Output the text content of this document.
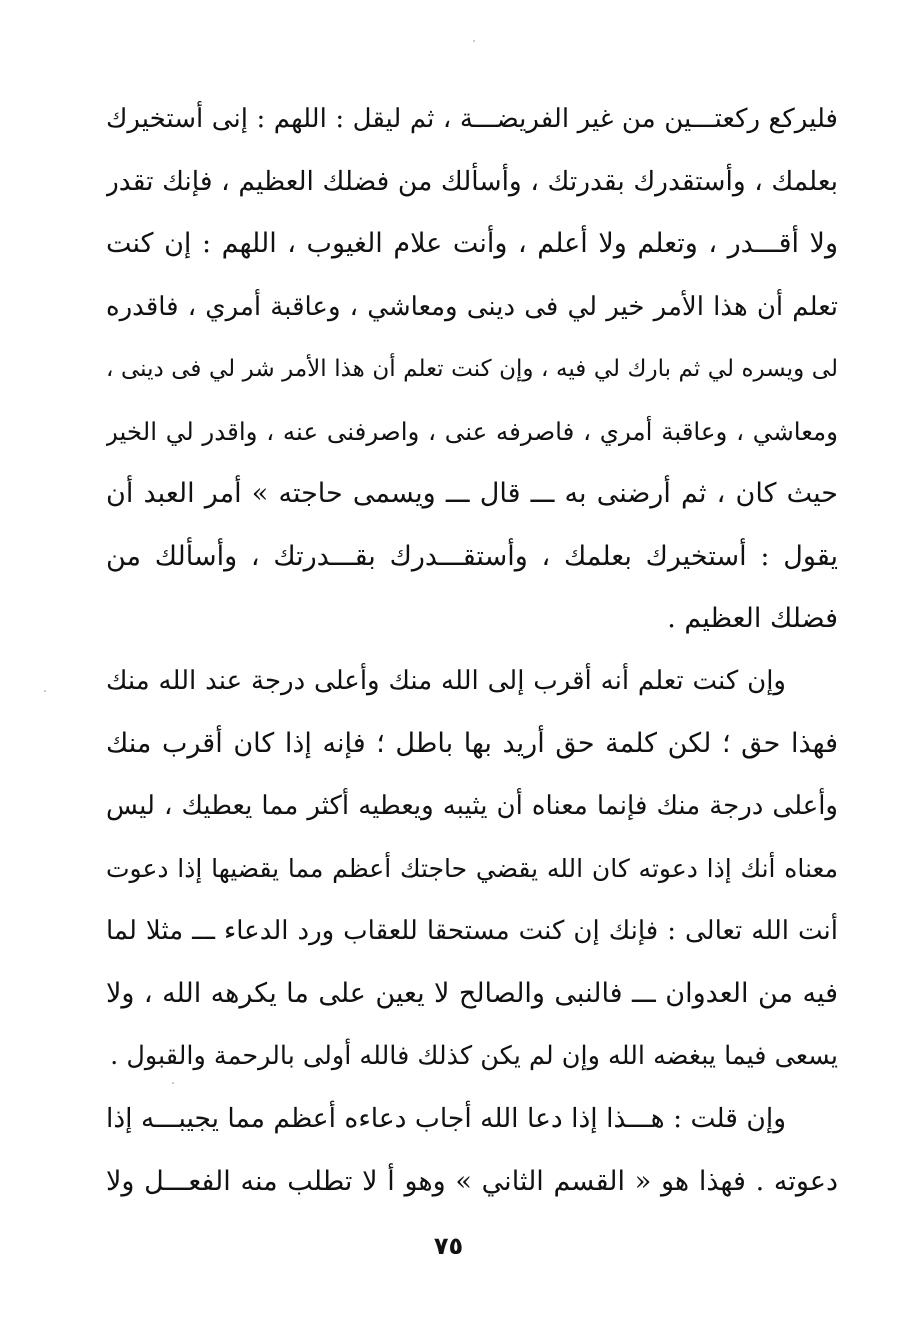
فليركع ركعتـــين من غير الفريضـــة ، ثم ليقل : اللهم : إنى أستخيرك
بعلمك ، وأستقدرك بقدرتك ، وأسألك من فضلك العظيم ، فإنك تقدر
ولا أقـــدر ، وتعلم ولا أعلم ، وأنت علام الغيوب ، اللهم : إن كنت
تعلم أن هذا الأمر خير لي فى دينى ومعاشي ، وعاقبة أمري ، فاقدره
لى ويسره لي ثم بارك لي فيه ، وإن كنت تعلم أن هذا الأمر شر لي فى دينى ،
ومعاشي ، وعاقبة أمري ، فاصرفه عنى ، واصرفنى عنه ، واقدر لي الخير
حيث كان ، ثم أرضنى به ـــ قال ـــ ويسمى حاجته » أمر العبد أن
يقول : أستخيرك بعلمك ، وأستقـــدرك بقـــدرتك ، وأسألك من
فضلك العظيم .
وإن كنت تعلم أنه أقرب إلى الله منك وأعلى درجة عند الله منك
فهذا حق ؛ لكن كلمة حق أريد بها باطل ؛ فإنه إذا كان أقرب منك
وأعلى درجة منك فإنما معناه أن يثيبه ويعطيه أكثر مما يعطيك ، ليس
معناه أنك إذا دعوته كان الله يقضي حاجتك أعظم مما يقضيها إذا دعوت
أنت الله تعالى : فإنك إن كنت مستحقا للعقاب ورد الدعاء ـــ مثلا لما
فيه من العدوان ـــ فالنبى والصالح لا يعين على ما يكرهه الله ، ولا
يسعى فيما يبغضه الله وإن لم يكن كذلك فالله أولى بالرحمة والقبول .
وإن قلت : هـــذا إذا دعا الله أجاب دعاءه أعظم مما يجيبـــه إذا
دعوته . فهذا هو « القسم الثاني » وهو أ لا تطلب منه الفعـــل ولا
٧٥
